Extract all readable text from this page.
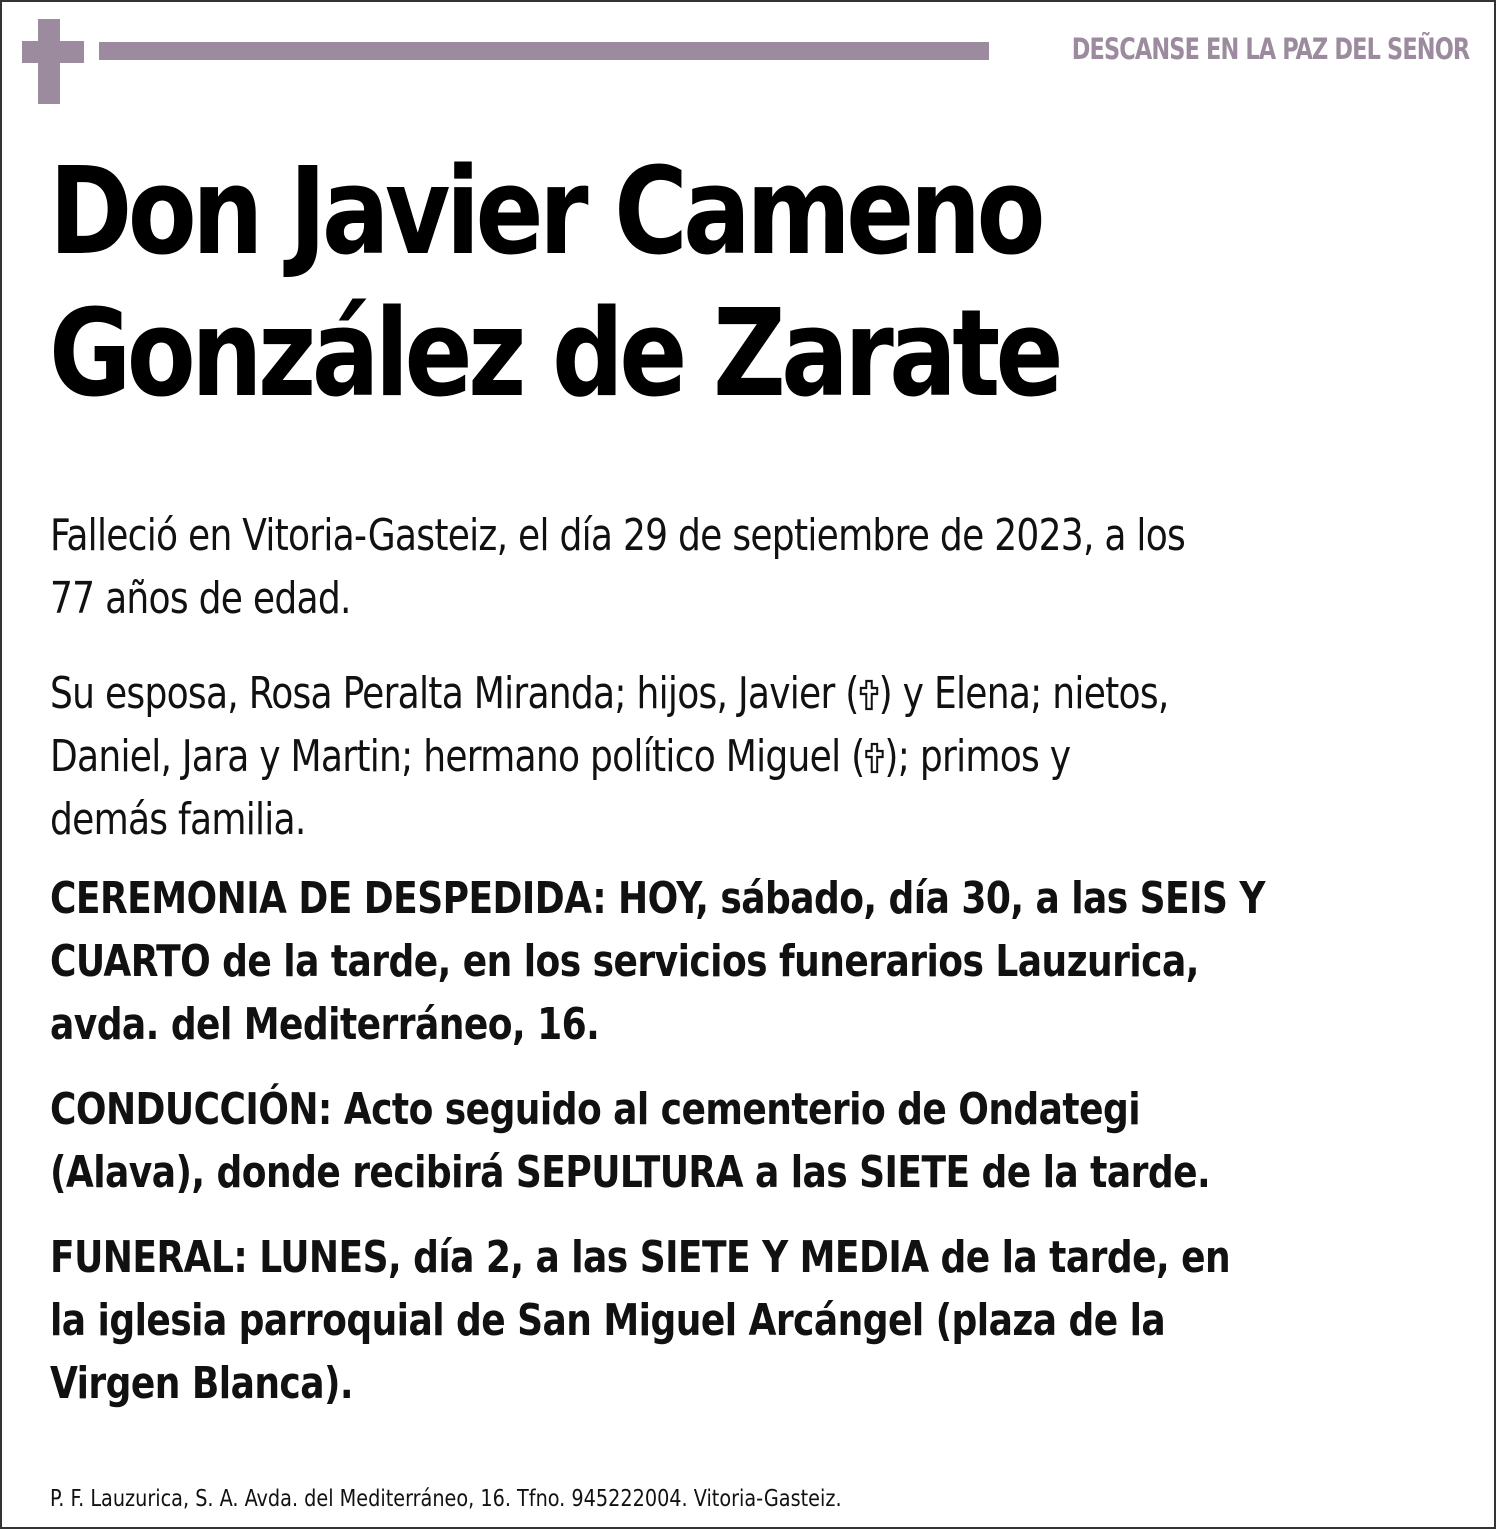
DESCANSE EN LA PAZ DEL SEÑOR
Don Javier Cameno
González de Zarate

Falleció en Vitoria-Gasteiz, el día 29 de septiembre de 2023, a los
77 años de edad.

Su esposa, Rosa Peralta Miranda; hijos, Javier ( ) y Elena; nietos,
Daniel, Jara y Martin; hermano político Miguel ( ); primos y
demás familia.

CEREMONIA DE DESPEDIDA: HOY, sábado, día 30, a las SEIS Y
CUARTO de la tarde, en los servicios funerarios Lauzurica,
avda. del Mediterráneo, 16.

CONDUCCIÓN: Acto seguido al cementerio de Ondategi
(Alava), donde recibirá SEPULTURA a las SIETE de la tarde.

FUNERAL: LUNES, día 2, a las SIETE Y MEDIA de la tarde, en
la iglesia parroquial de San Miguel Arcángel (plaza de la
Virgen Blanca).

P. F. Lauzurica, S. A. Avda. del Mediterráneo, 16. Tfno. 945222004. Vitoria-Gasteiz.
